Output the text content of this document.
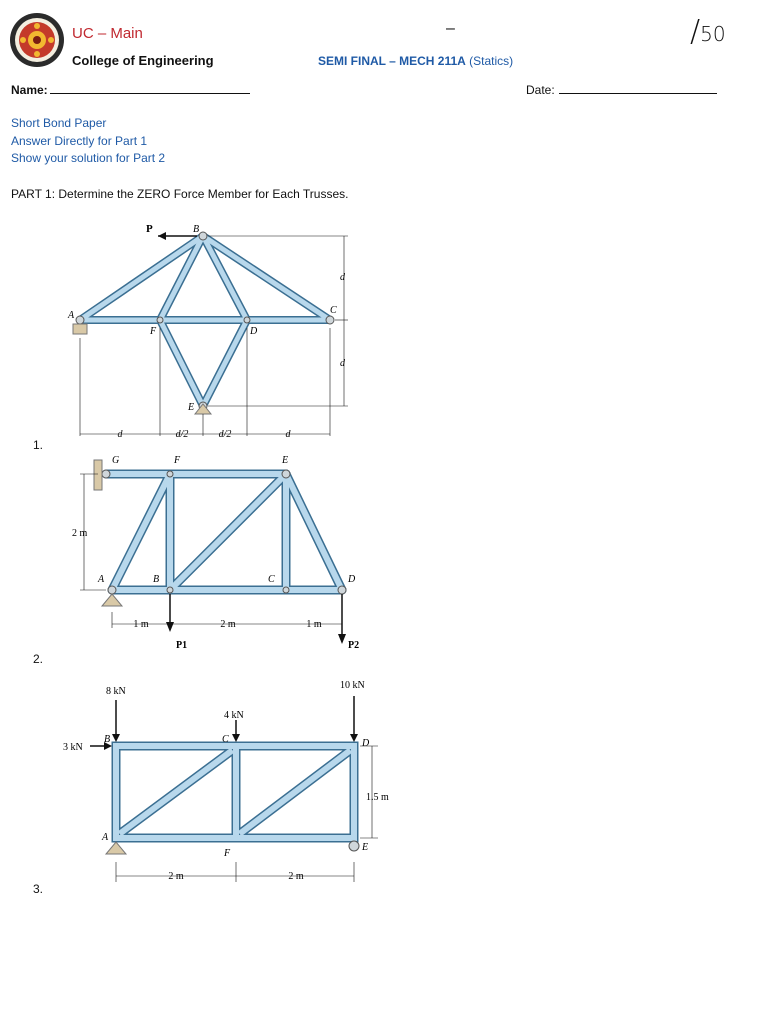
UC – Main
College of Engineering
–
SEMI FINAL – MECH 211A (Statics)
/50
Name:	Date:
Short Bond Paper
Answer Directly for Part 1
Show your solution for Part 2
PART 1: Determine the ZERO Force Member for Each Trusses.
1.
P	B
A	C
D
E
F
d	d/2	d/2	d
d
d
2.
G	F	E
A	B	C	D
P1	P2
2 m
1 m	2 m	1 m
3.
8 kN
4 kN
10 kN
3 kN
B	C	D
A
E
F
1.5 m
2 m	2 m
